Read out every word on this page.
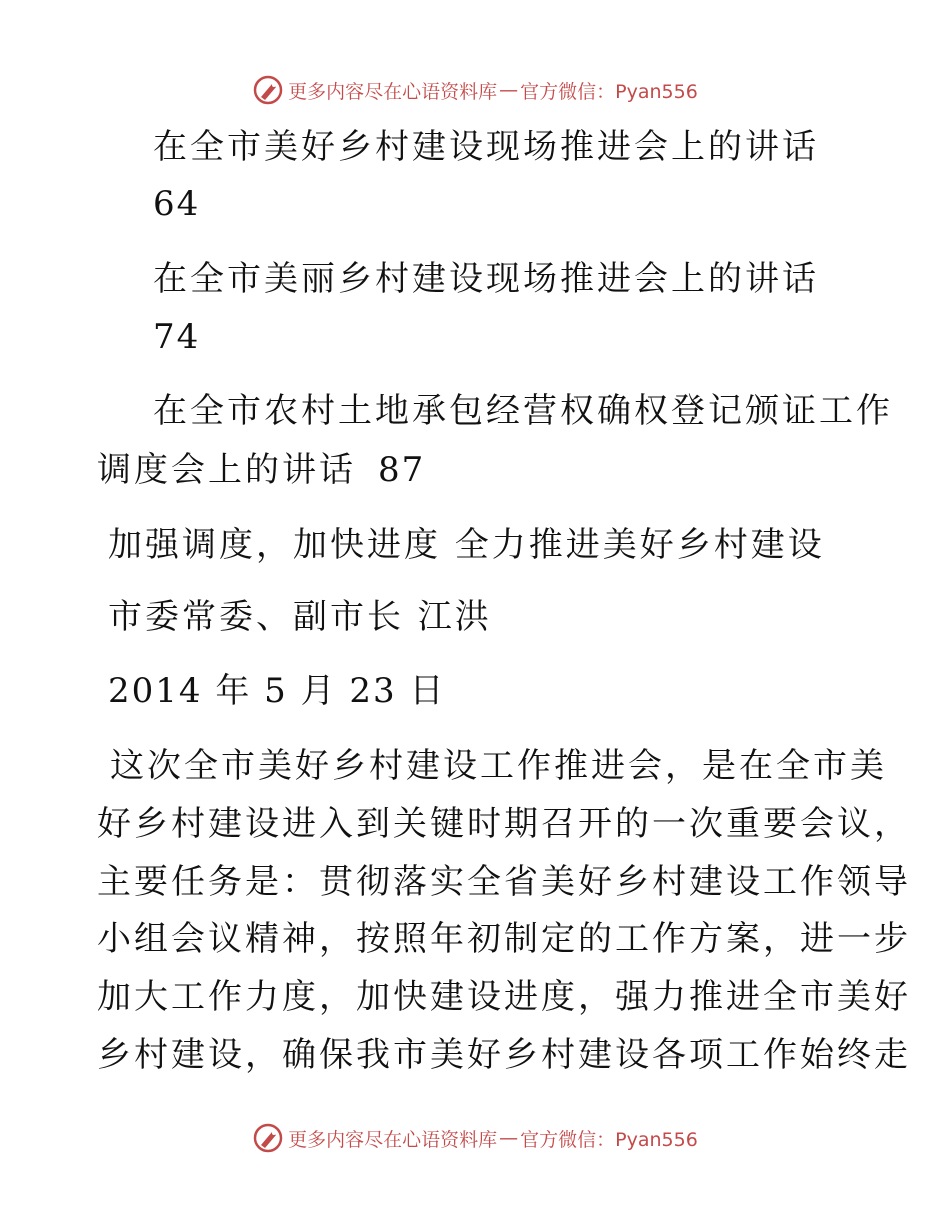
更多内容尽在心语资料库 — 官方微信：Pyan556
在全市美好乡村建设现场推进会上的讲话
64
在全市美丽乡村建设现场推进会上的讲话
74
在全市农村土地承包经营权确权登记颁证工作
调度会上的讲话 87
加强调度，加快进度 全力推进美好乡村建设
市委常委、副市长 江洪
2014 年 5 月 23 日
这次全市美好乡村建设工作推进会，是在全市美
好乡村建设进入到关键时期召开的一次重要会议，
主要任务是：贯彻落实全省美好乡村建设工作领导
小组会议精神，按照年初制定的工作方案，进一步
加大工作力度，加快建设进度，强力推进全市美好
乡村建设，确保我市美好乡村建设各项工作始终走
更多内容尽在心语资料库 — 官方微信：Pyan556
